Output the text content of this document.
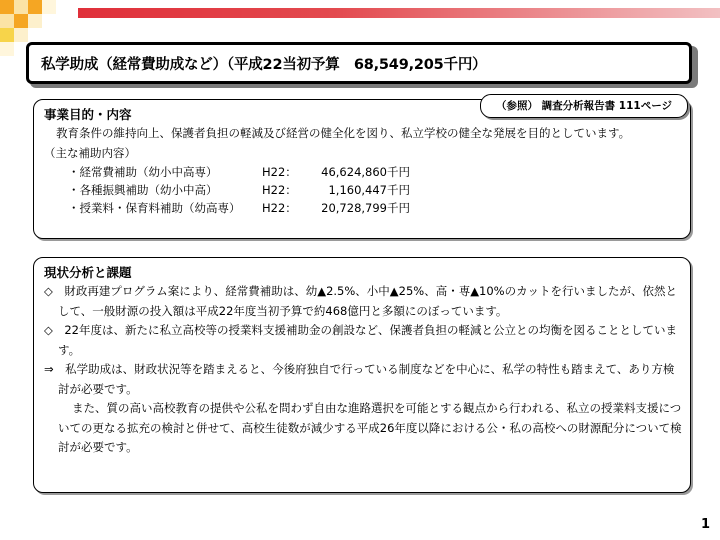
私学助成（経常費助成など）（平成22当初予算　68,549,205千円）
（参照） 調査分析報告書 111ページ
事業目的・内容
教育条件の維持向上、保護者負担の軽減及び経営の健全化を図り、私立学校の健全な発展を目的としています。
（主な補助内容）
・経常費補助（幼小中高専）	H22：	46,624,860千円
・各種振興補助（幼小中高）	H22：	1,160,447千円
・授業料・保育料補助（幼高専）	H22：	20,728,799千円
現状分析と課題
◇　財政再建プログラム案により、経常費補助は、幼▲2.5%、小中▲25%、高・専▲10%のカットを行いましたが、依然として、一般財源の投入額は平成22年度当初予算で約468億円と多額にのぼっています。
◇　22年度は、新たに私立高校等の授業料支援補助金の創設など、保護者負担の軽減と公立との均衡を図ることとしています。
⇒　私学助成は、財政状況等を踏まえると、今後府独自で行っている制度などを中心に、私学の特性も踏まえて、あり方検討が必要です。
また、質の高い高校教育の提供や公私を問わず自由な進路選択を可能とする観点から行われる、私立の授業料支援についての更なる拡充の検討と併せて、高校生徒数が減少する平成26年度以降における公・私の高校への財源配分について検討が必要です。
1
